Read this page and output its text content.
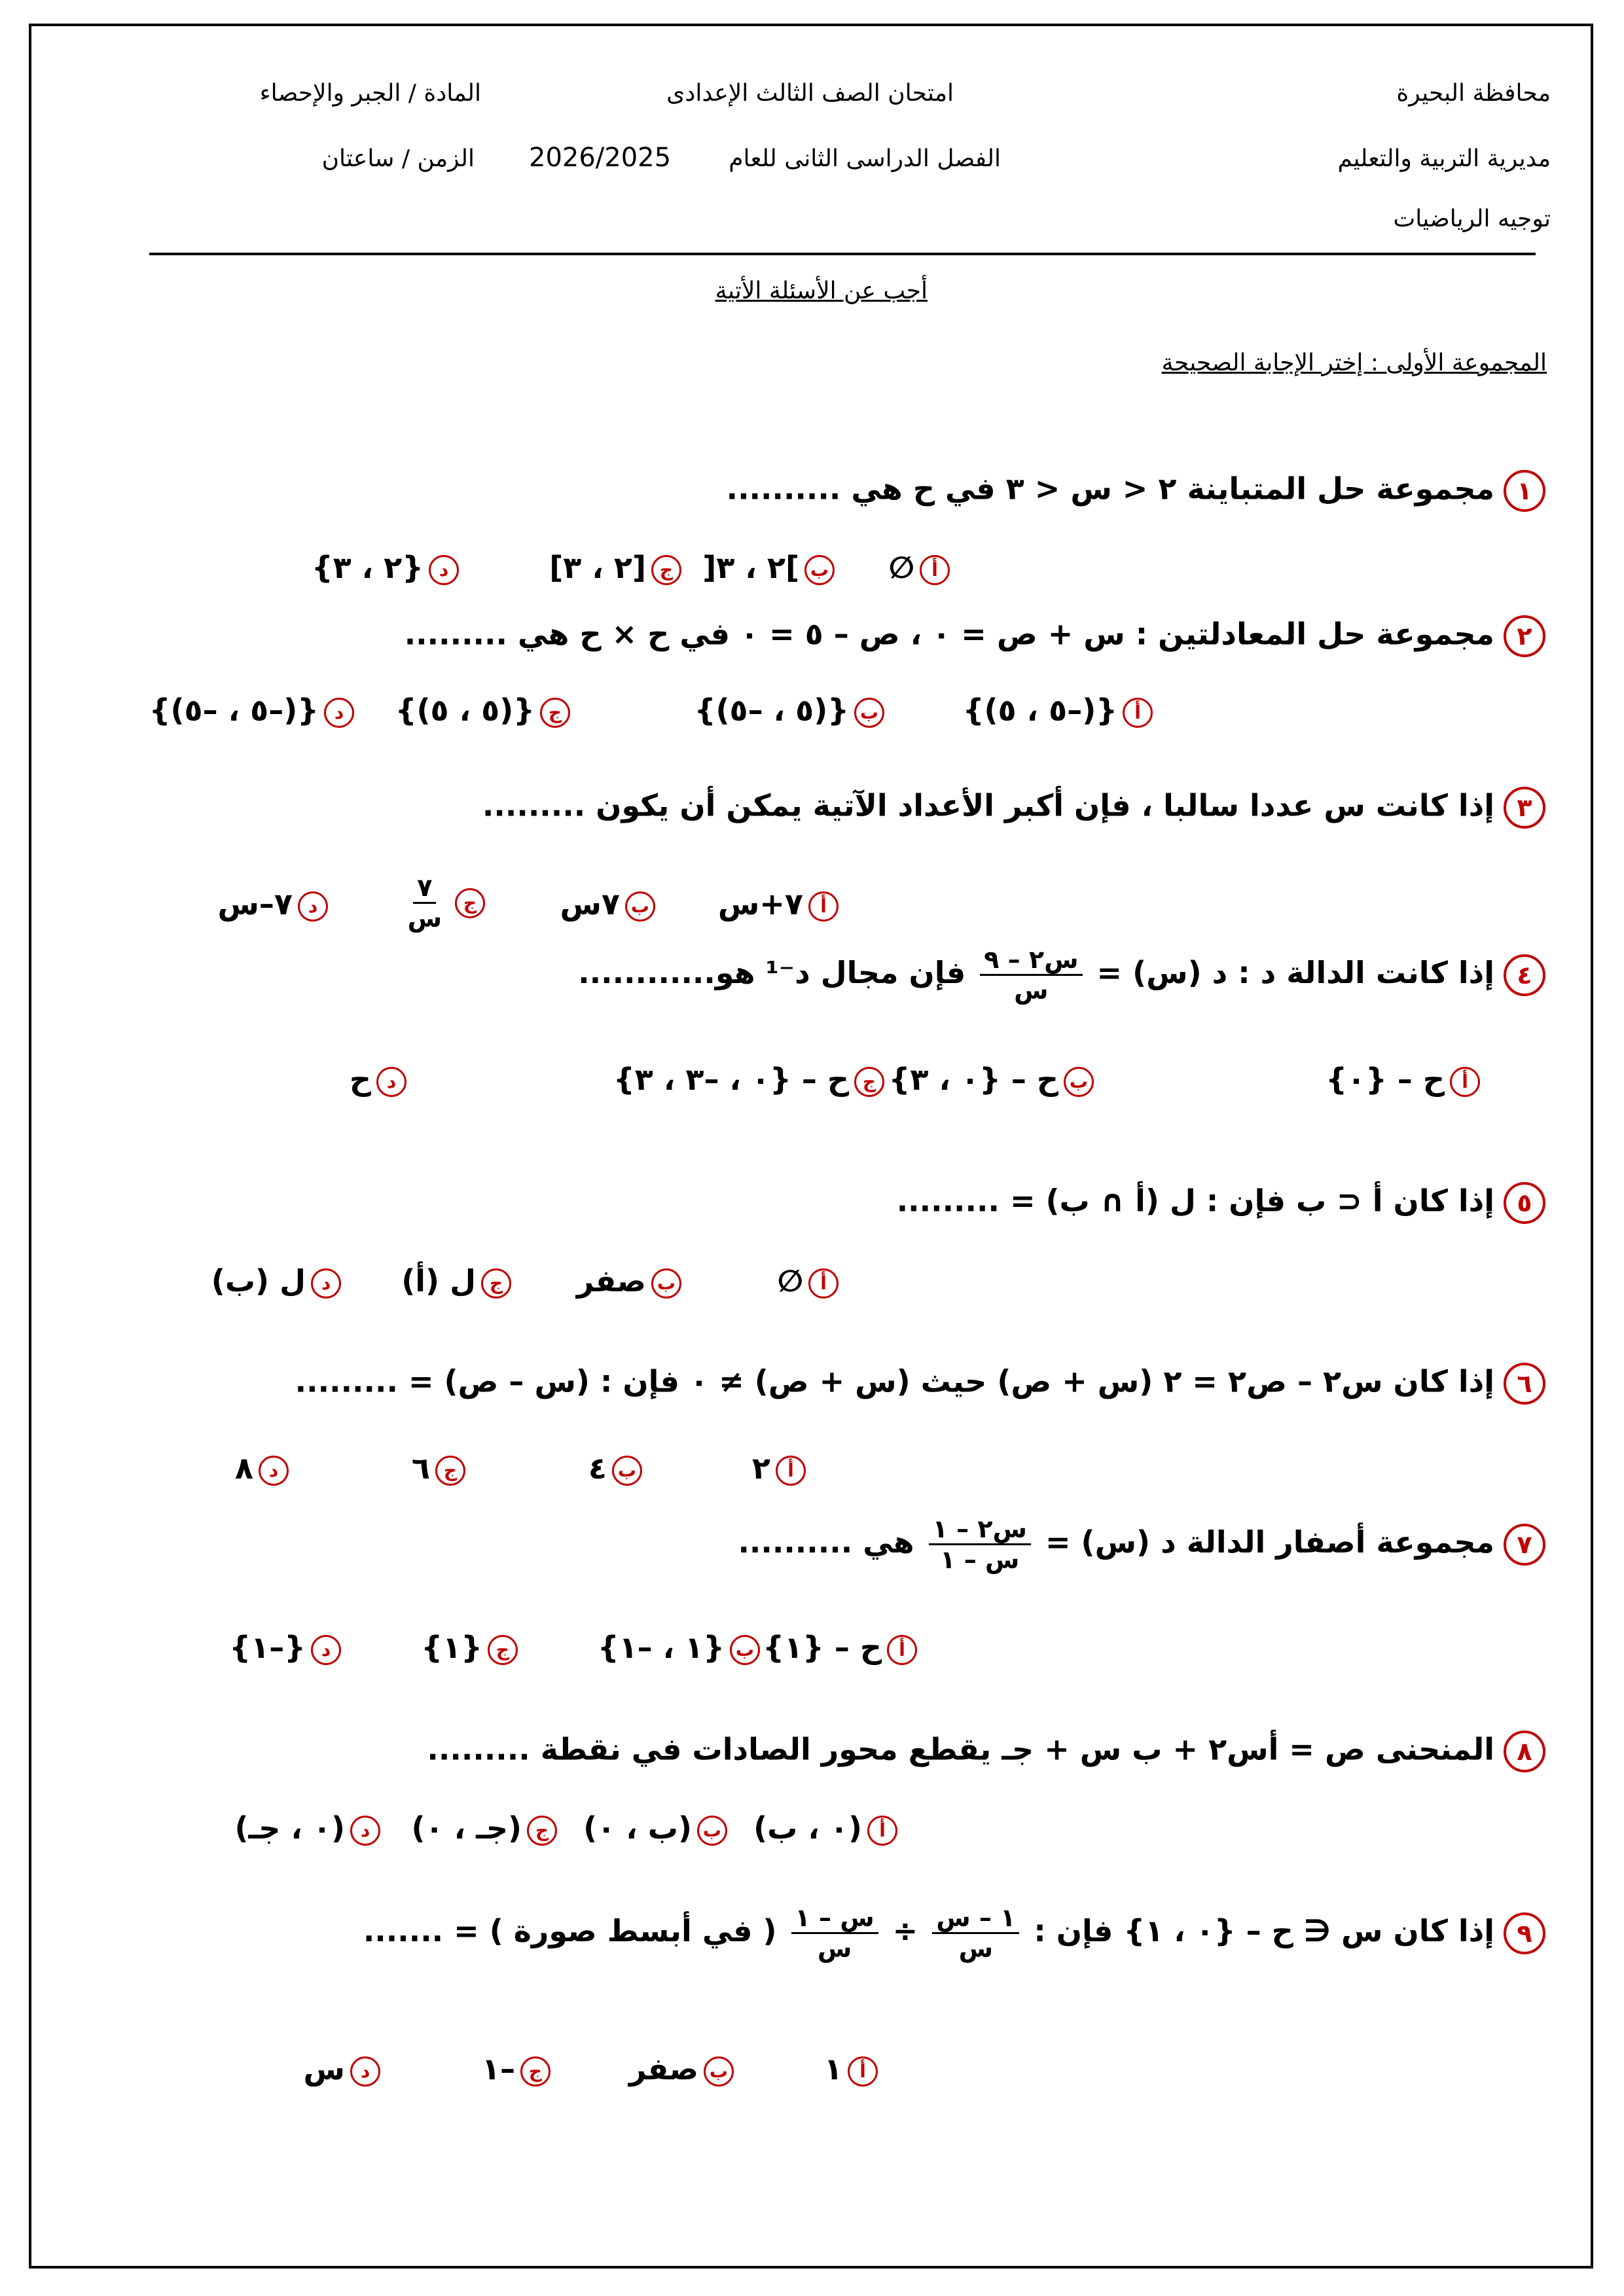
محافظة البحيرة
مديرية التربية والتعليم
توجيه الرياضيات
امتحان الصف الثالث الإعدادى
الفصل الدراسى الثانى للعام
2026/2025
المادة / الجبر والإحصاء
الزمن / ساعتان
أجب عن الأسئلة الأتية
المجموعة الأولى : إختر الإجابة الصحيحة
١مجموعة حل المتباينة ٢ < س < ٣ في ح هي ..........
أ∅
ب]٢ ، ٣[
ج[٢ ، ٣]
د{٢ ، ٣}
٢مجموعة حل المعادلتين : س + ص = ٠ ، ص – ٥ = ٠ في ح × ح هي .........
أ{(–٥ ، ٥)}
ب{(٥ ، –٥)}
ج{(٥ ، ٥)}
د{(–٥ ، –٥)}
٣إذا كانت س عددا سالبا ، فإن أكبر الأعداد الآتية يمكن أن يكون .........
أ٧+س
ب٧س
ج
$\frac{٧}{\text{س}}$
د٧–س
٤إذا كانت الدالة د : د (س) =
$\frac{\text{س٢ – ٩}}{\text{س}}$
فإن مجال د⁻¹ هو............
أح – {٠}
بح – {٠ ، ٣}
جح – {٠ ، –٣ ، ٣}
دح
٥إذا كان أ ⊂ ب فإن : ل (أ ∩ ب) = .........
أ∅
بصفر
جل (أ)
دل (ب)
٦إذا كان س٢ – ص٢ = ٢ (س + ص) حيث (س + ص) ≠ ٠ فإن : (س – ص) = .........
أ٢
ب٤
ج٦
د٨
٧مجموعة أصفار الدالة د (س) =
$\frac{\text{س٢ – ١}}{\text{س – ١}}$
هي ..........
أح – {١}
ب{١ ، –١}
ج{١}
د{–١}
٨المنحنى ص = أس٢ + ب س + جـ يقطع محور الصادات في نقطة .........
أ(٠ ، ب)
ب(ب ، ٠)
ج(جـ ، ٠)
د(٠ ، جـ)
٩إذا كان س ∈ ح – {٠ ، ١} فإن :
$\frac{\text{١ – س}}{\text{س}}$
÷
$\frac{\text{س – ١}}{\text{س}}$
( في أبسط صورة ) = .......
أ١
بصفر
ج–١
دس
